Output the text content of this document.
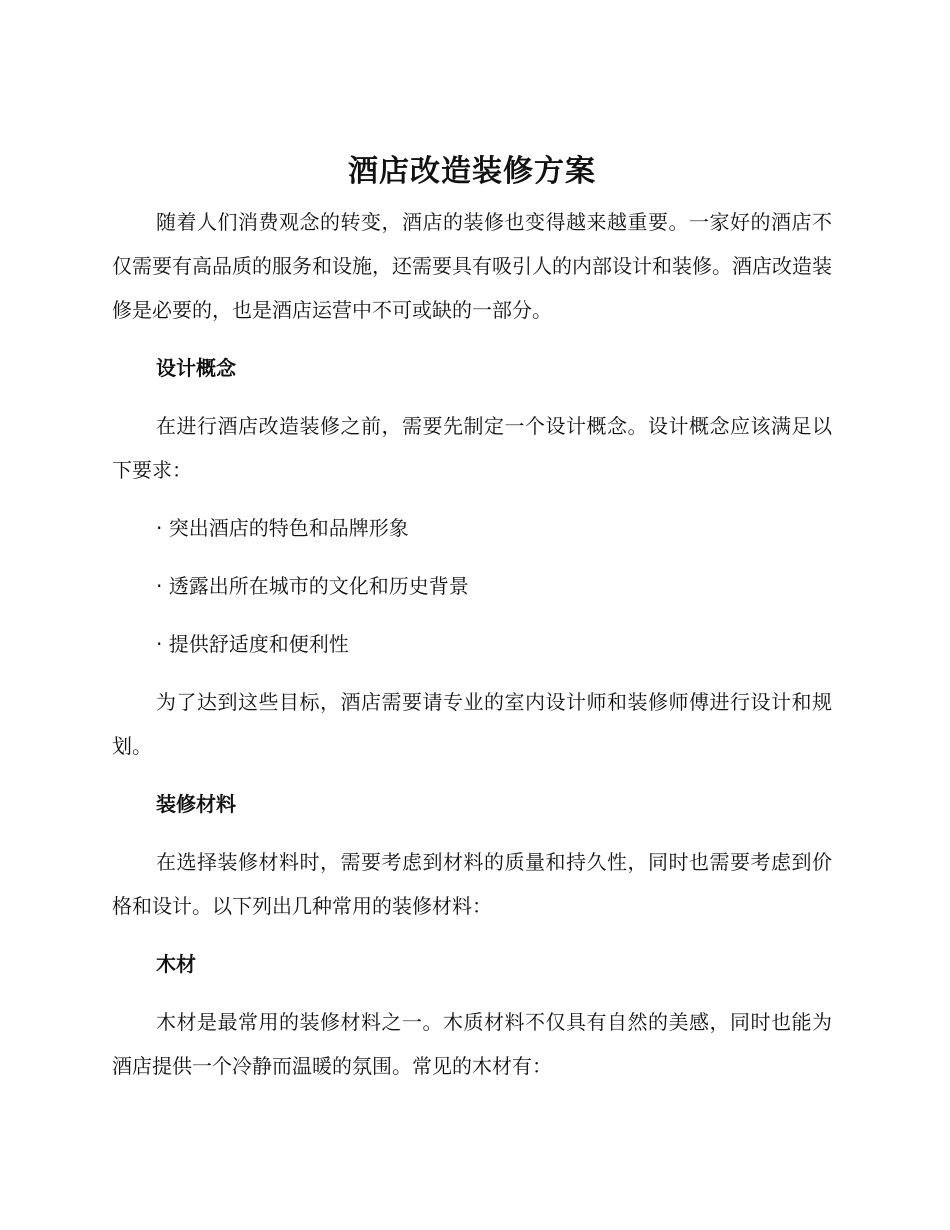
酒店改造装修方案

随着人们消费观念的转变，酒店的装修也变得越来越重要。一家好的酒店不仅需要有高品质的服务和设施，还需要具有吸引人的内部设计和装修。酒店改造装修是必要的，也是酒店运营中不可或缺的一部分。

设计概念

在进行酒店改造装修之前，需要先制定一个设计概念。设计概念应该满足以下要求：

· 突出酒店的特色和品牌形象

· 透露出所在城市的文化和历史背景

· 提供舒适度和便利性

为了达到这些目标，酒店需要请专业的室内设计师和装修师傅进行设计和规划。

装修材料

在选择装修材料时，需要考虑到材料的质量和持久性，同时也需要考虑到价格和设计。以下列出几种常用的装修材料：

木材

木材是最常用的装修材料之一。木质材料不仅具有自然的美感，同时也能为酒店提供一个冷静而温暖的氛围。常见的木材有：
